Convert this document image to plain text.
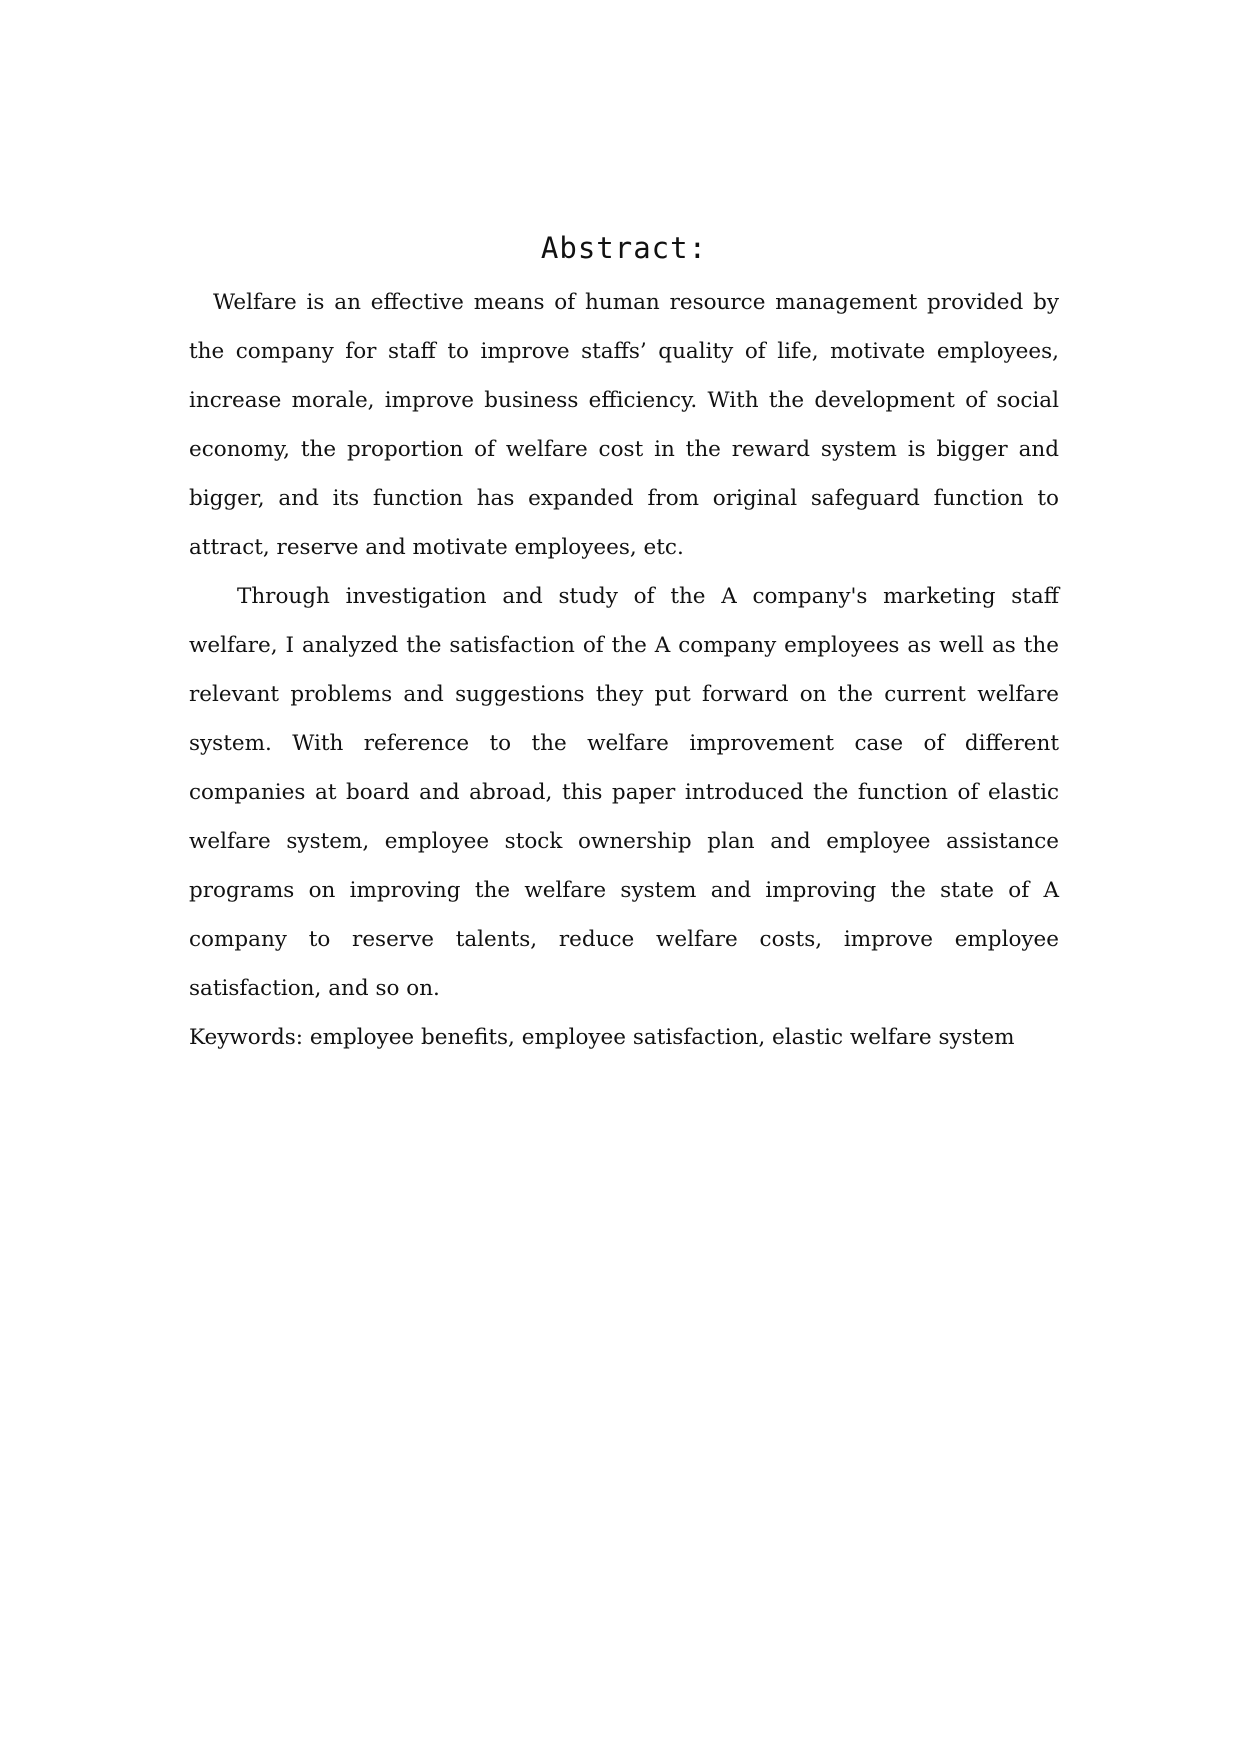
Abstract:

Welfare is an effective means of human resource management provided by the company for staff to improve staffs’ quality of life, motivate employees, increase morale, improve business efficiency. With the development of social economy, the proportion of welfare cost in the reward system is bigger and bigger, and its function has expanded from original safeguard function to attract, reserve and motivate employees, etc.

Through investigation and study of the A company's marketing staff welfare, I analyzed the satisfaction of the A company employees as well as the relevant problems and suggestions they put forward on the current welfare system. With reference to the welfare improvement case of different companies at board and abroad, this paper introduced the function of elastic welfare system, employee stock ownership plan and employee assistance programs on improving the welfare system and improving the state of A company to reserve talents, reduce welfare costs, improve employee satisfaction, and so on.

Keywords: employee benefits, employee satisfaction, elastic welfare system
